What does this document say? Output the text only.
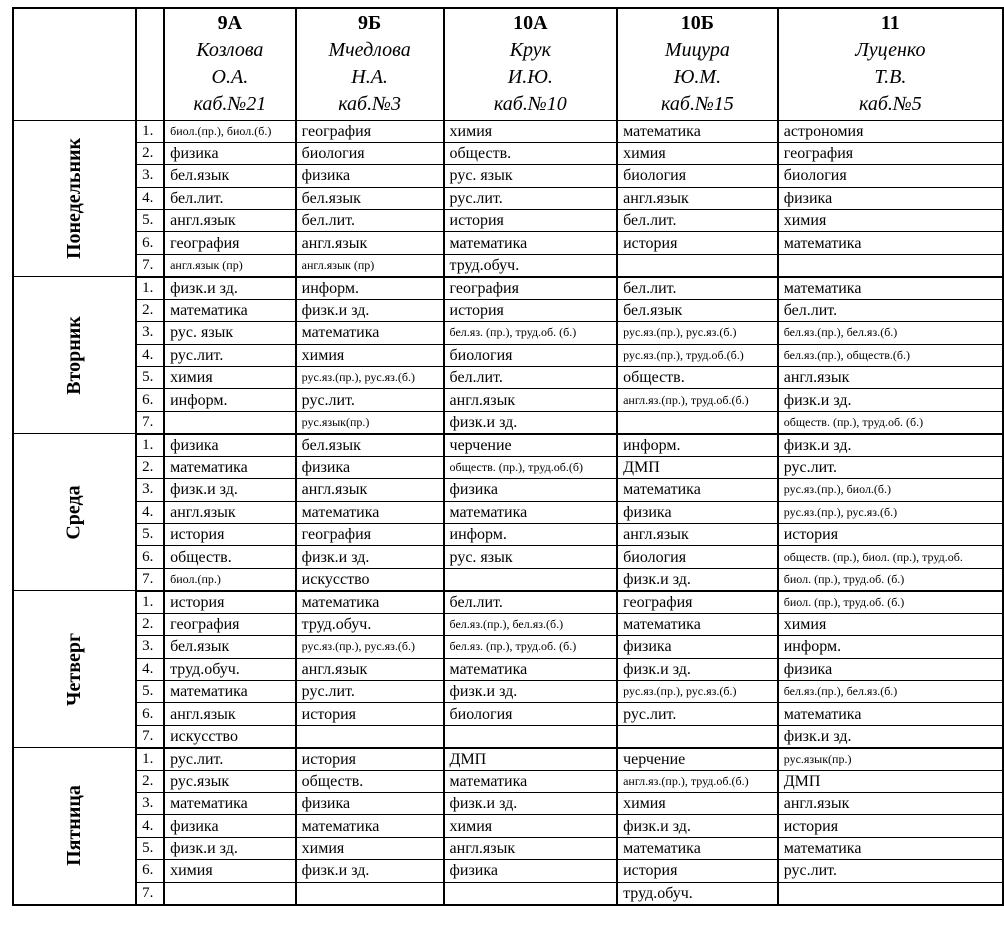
		9А
Козлова
О.А.
каб.№21	9Б
Мчедлова
Н.А.
каб.№3	10А
Крук
И.Ю.
каб.№10	10Б
Мицура
Ю.М.
каб.№15	11
Луценко
Т.В.
каб.№5

Понедельник	1.	биол.(пр.), биол.(б.)	география	химия	математика	астрономия
	2.	физика	биология	обществ.	химия	география
	3.	бел.язык	физика	рус. язык	биология	биология
	4.	бел.лит.	бел.язык	рус.лит.	англ.язык	физика
	5.	англ.язык	бел.лит.	история	бел.лит.	химия
	6.	география	англ.язык	математика	история	математика
	7.	англ.язык (пр)	англ.язык (пр)	труд.обуч.		
Вторник	1.	физк.и зд.	информ.	география	бел.лит.	математика
	2.	математика	физк.и зд.	история	бел.язык	бел.лит.
	3.	рус. язык	математика	бел.яз. (пр.), труд.об. (б.)	рус.яз.(пр.), рус.яз.(б.)	бел.яз.(пр.), бел.яз.(б.)
	4.	рус.лит.	химия	биология	рус.яз.(пр.), труд.об.(б.)	бел.яз.(пр.), обществ.(б.)
	5.	химия	рус.яз.(пр.), рус.яз.(б.)	бел.лит.	обществ.	англ.язык
	6.	информ.	рус.лит.	англ.язык	англ.яз.(пр.), труд.об.(б.)	физк.и зд.
	7.		рус.язык(пр.)	физк.и зд.		обществ. (пр.), труд.об. (б.)
Среда	1.	физика	бел.язык	черчение	информ.	физк.и зд.
	2.	математика	физика	обществ. (пр.), труд.об.(б)	ДМП	рус.лит.
	3.	физк.и зд.	англ.язык	физика	математика	рус.яз.(пр.), биол.(б.)
	4.	англ.язык	математика	математика	физика	рус.яз.(пр.), рус.яз.(б.)
	5.	история	география	информ.	англ.язык	история
	6.	обществ.	физк.и зд.	рус. язык	биология	обществ. (пр.), биол. (пр.), труд.об.
	7.	биол.(пр.)	искусство		физк.и зд.	биол. (пр.), труд.об. (б.)
Четверг	1.	история	математика	бел.лит.	география	биол. (пр.), труд.об. (б.)
	2.	география	труд.обуч.	бел.яз.(пр.), бел.яз.(б.)	математика	химия
	3.	бел.язык	рус.яз.(пр.), рус.яз.(б.)	бел.яз. (пр.), труд.об. (б.)	физика	информ.
	4.	труд.обуч.	англ.язык	математика	физк.и зд.	физика
	5.	математика	рус.лит.	физк.и зд.	рус.яз.(пр.), рус.яз.(б.)	бел.яз.(пр.), бел.яз.(б.)
	6.	англ.язык	история	биология	рус.лит.	математика
	7.	искусство				физк.и зд.
Пятница	1.	рус.лит.	история	ДМП	черчение	рус.язык(пр.)
	2.	рус.язык	обществ.	математика	англ.яз.(пр.), труд.об.(б.)	ДМП
	3.	математика	физика	физк.и зд.	химия	англ.язык
	4.	физика	математика	химия	физк.и зд.	история
	5.	физк.и зд.	химия	англ.язык	математика	математика
	6.	химия	физк.и зд.	физика	история	рус.лит.
	7.				труд.обуч.	
